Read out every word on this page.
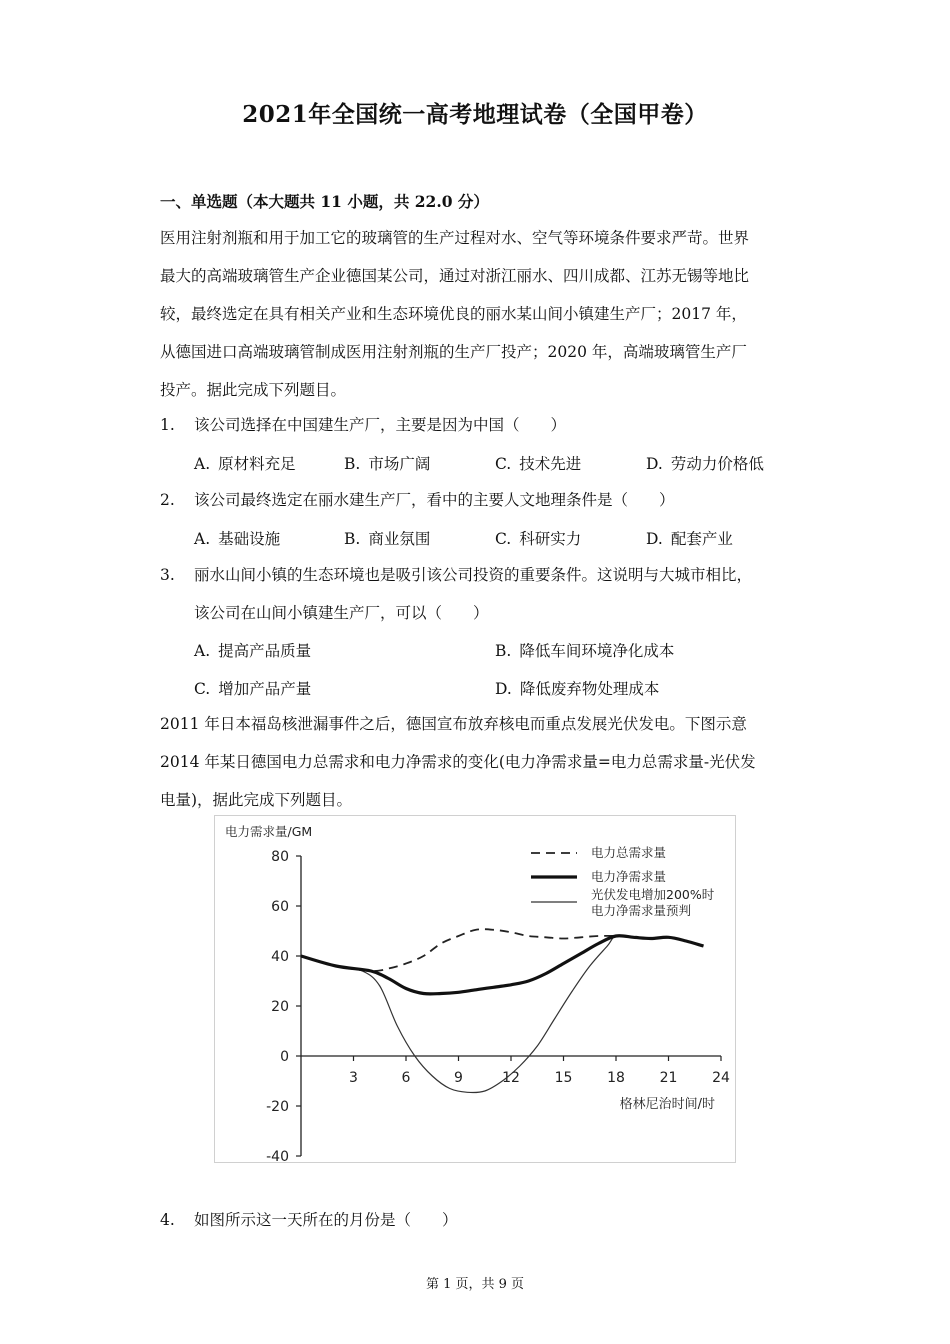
2021年全国统一高考地理试卷（全国甲卷）
一、单选题（本大题共 11 小题，共 22.0 分）
医用注射剂瓶和用于加工它的玻璃管的生产过程对水、空气等环境条件要求严苛。世界
最大的高端玻璃管生产企业德国某公司，通过对浙江丽水、四川成都、江苏无锡等地比
较，最终选定在具有相关产业和生态环境优良的丽水某山间小镇建生产厂；2017 年，
从德国进口高端玻璃管制成医用注射剂瓶的生产厂投产；2020 年，高端玻璃管生产厂
投产。据此完成下列题目。
1. 该公司选择在中国建生产厂，主要是因为中国（　　）
A. 原材料充足	B. 市场广阔	C. 技术先进	D. 劳动力价格低
2. 该公司最终选定在丽水建生产厂，看中的主要人文地理条件是（　　）
A. 基础设施	B. 商业氛围	C. 科研实力	D. 配套产业
3. 丽水山间小镇的生态环境也是吸引该公司投资的重要条件。这说明与大城市相比，
该公司在山间小镇建生产厂，可以（　　）
A. 提高产品质量	B. 降低车间环境净化成本
C. 增加产品产量	D. 降低废弃物处理成本
2011 年日本福岛核泄漏事件之后，德国宣布放弃核电而重点发展光伏发电。下图示意
2014 年某日德国电力总需求和电力净需求的变化(电力净需求量=电力总需求量-光伏发
电量)，据此完成下列题目。
80
60
40
20
0
-20
-40
3	6	9	12 15 18 21 24
电力需求量/GM
格林尼治时间/时
电力总需求量
电力净需求量
光伏发电增加200%时
电力净需求量预判
4. 如图所示这一天所在的月份是（　　）
第 1 页，共 9 页
